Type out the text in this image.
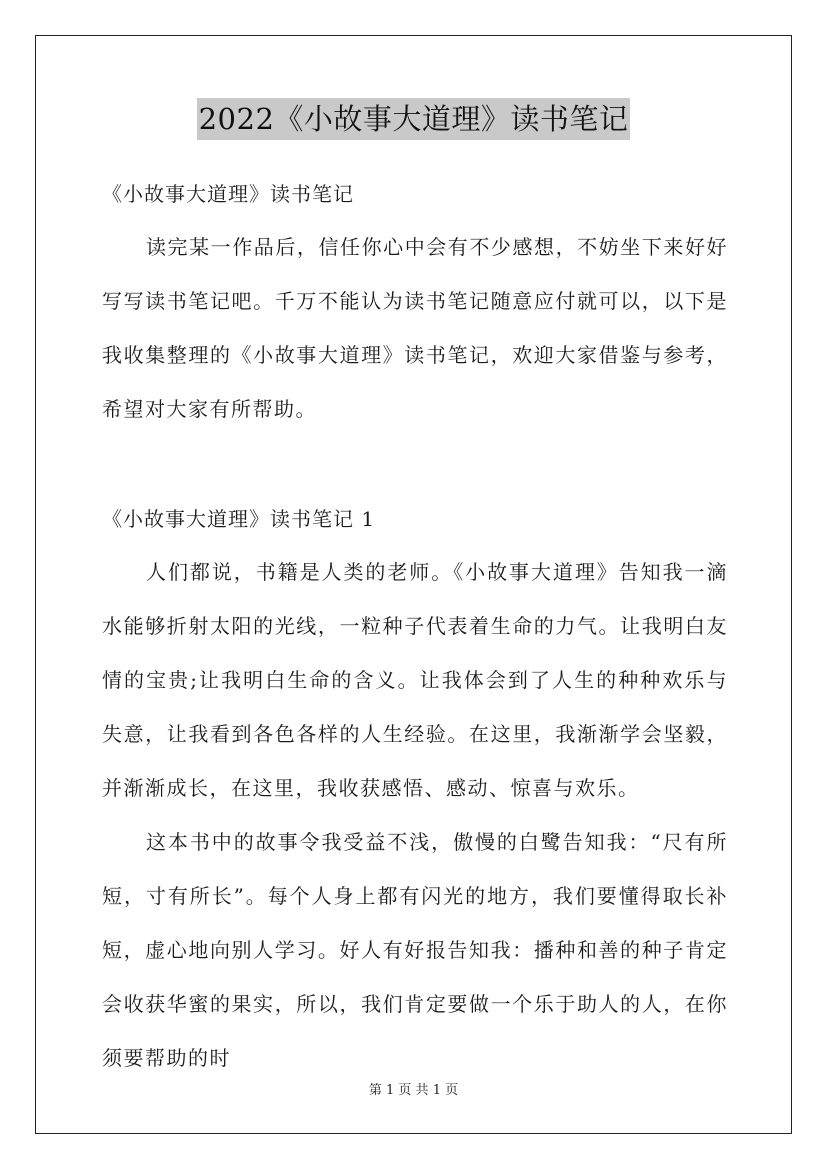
2022《小故事大道理》读书笔记
《小故事大道理》读书笔记

读完某一作品后，信任你心中会有不少感想，不妨坐下来好好写写读书笔记吧。千万不能认为读书笔记随意应付就可以，以下是我收集整理的《小故事大道理》读书笔记，欢迎大家借鉴与参考，希望对大家有所帮助。

《小故事大道理》读书笔记 1

人们都说，书籍是人类的老师。《小故事大道理》告知我一滴水能够折射太阳的光线，一粒种子代表着生命的力气。让我明白友情的宝贵;让我明白生命的含义。让我体会到了人生的种种欢乐与失意，让我看到各色各样的人生经验。在这里，我渐渐学会坚毅，并渐渐成长，在这里，我收获感悟、感动、惊喜与欢乐。

这本书中的故事令我受益不浅，傲慢的白鹭告知我：“尺有所短，寸有所长”。每个人身上都有闪光的地方，我们要懂得取长补短，虚心地向别人学习。好人有好报告知我：播种和善的种子肯定会收获华蜜的果实，所以，我们肯定要做一个乐于助人的人，在你须要帮助的时

第 1 页 共 1 页
